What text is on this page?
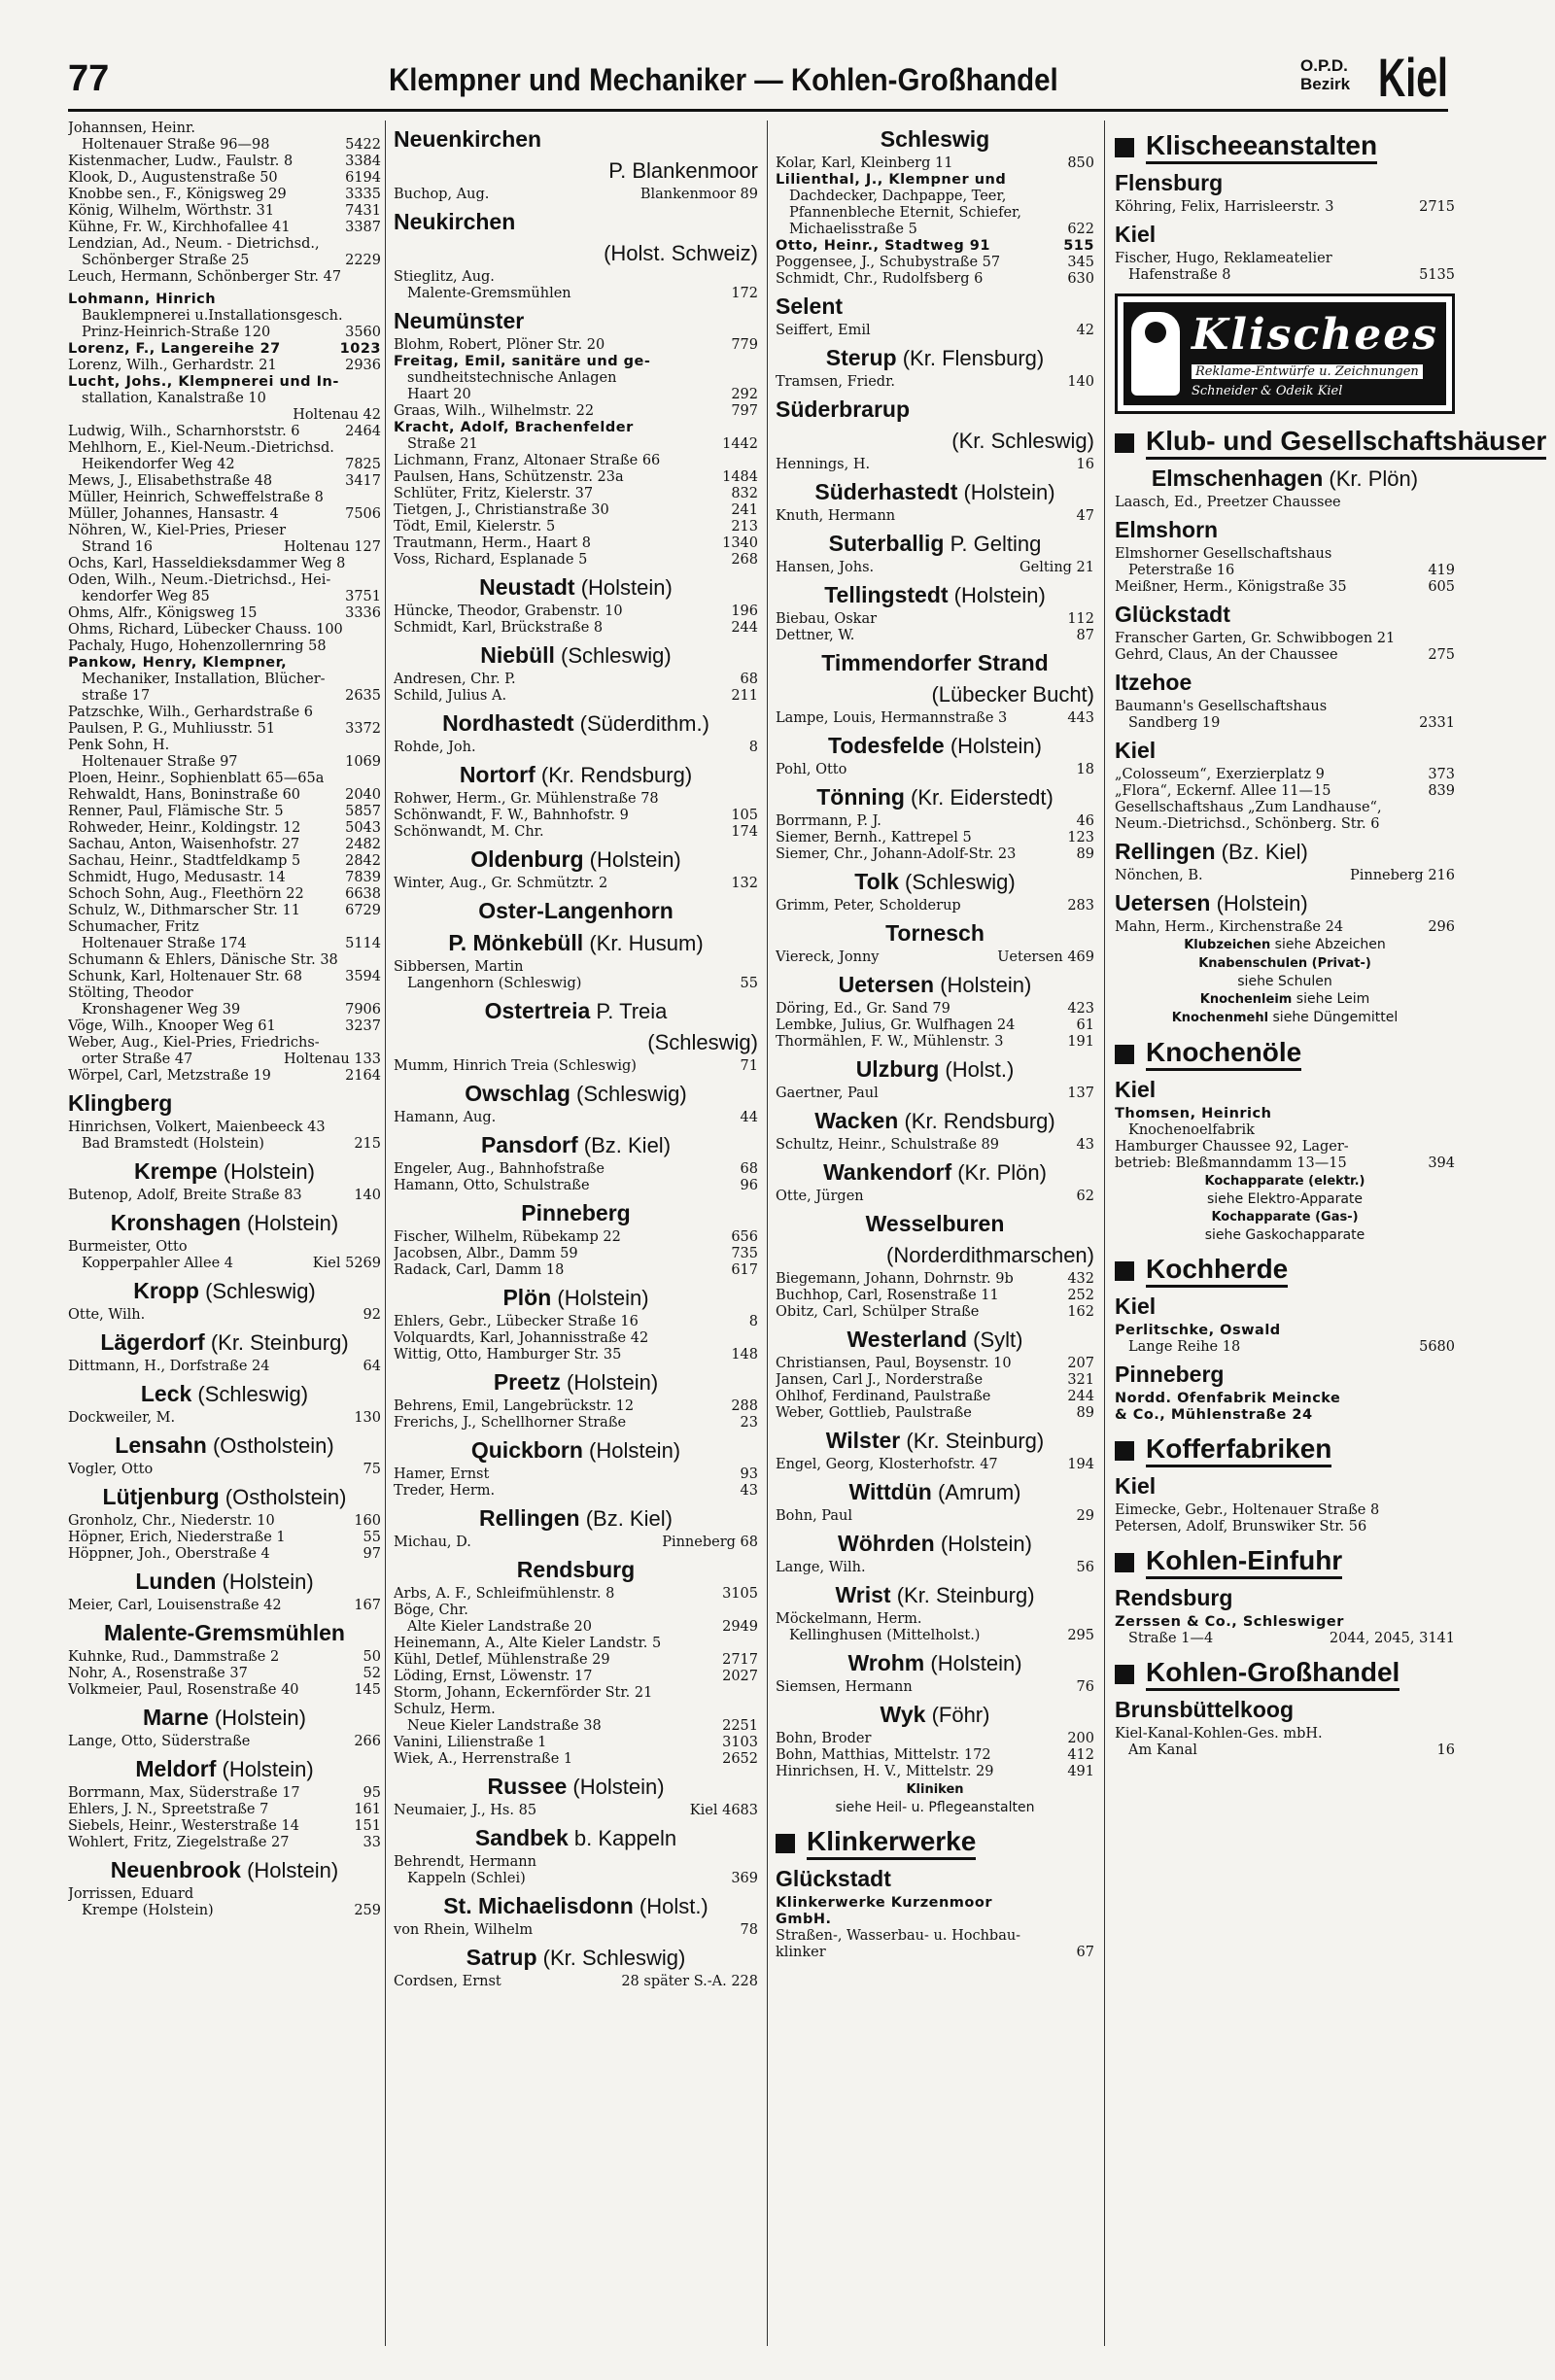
77	Klempner und Mechaniker — Kohlen-Großhandel	O.P.D.
Bezirk Kiel
Johannsen, Heinr.
Holtenauer Straße 96—98	5422
Kistenmacher, Ludw., Faulstr. 8	3384
Klook, D., Augustenstraße 50	6194
Knobbe sen., F., Königsweg 29	3335
König, Wilhelm, Wörthstr. 31	7431
Kühne, Fr. W., Kirchhofallee 41	3387
Lendzian, Ad., Neum. - Dietrichsd.,
Schönberger Straße 25	2229
Leuch, Hermann, Schönberger Str. 47
Lohmann, Hinrich
Bauklempnerei u.Installationsgesch.
Prinz-Heinrich-Straße 120	3560
Lorenz, F., Langereihe 27	1023
Lorenz, Wilh., Gerhardstr. 21	2936
Lucht, Johs., Klempnerei und In-
stallation, Kanalstraße 10
Holtenau 42
Ludwig, Wilh., Scharnhorststr. 6	2464
Mehlhorn, E., Kiel-Neum.-Dietrichsd.
Heikendorfer Weg 42	7825
Mews, J., Elisabethstraße 48	3417
Müller, Heinrich, Schweffelstraße 8
Müller, Johannes, Hansastr. 4	7506
Nöhren, W., Kiel-Pries, Prieser
Strand 16	Holtenau 127
Ochs, Karl, Hasseldieksdammer Weg 8
Oden, Wilh., Neum.-Dietrichsd., Hei-
kendorfer Weg 85	3751
Ohms, Alfr., Königsweg 15	3336
Ohms, Richard, Lübecker Chauss. 100
Pachaly, Hugo, Hohenzollernring 58
Pankow, Henry, Klempner,
Mechaniker, Installation, Blücher-
straße 17	2635
Patzschke, Wilh., Gerhardstraße 6
Paulsen, P. G., Muhliusstr. 51	3372
Penk Sohn, H.
Holtenauer Straße 97	1069
Ploen, Heinr., Sophienblatt 65—65a
Rehwaldt, Hans, Boninstraße 60	2040
Renner, Paul, Flämische Str. 5	5857
Rohweder, Heinr., Koldingstr. 12	5043
Sachau, Anton, Waisenhofstr. 27	2482
Sachau, Heinr., Stadtfeldkamp 5	2842
Schmidt, Hugo, Medusastr. 14	7839
Schoch Sohn, Aug., Fleethörn 22	6638
Schulz, W., Dithmarscher Str. 11	6729
Schumacher, Fritz
Holtenauer Straße 174	5114
Schumann & Ehlers, Dänische Str. 38
Schunk, Karl, Holtenauer Str. 68	3594
Stölting, Theodor
Kronshagener Weg 39	7906
Vöge, Wilh., Knooper Weg 61	3237
Weber, Aug., Kiel-Pries, Friedrichs-
orter Straße 47	Holtenau 133
Wörpel, Carl, Metzstraße 19	2164
Klingberg
Hinrichsen, Volkert, Maienbeeck 43
Bad Bramstedt (Holstein)	215
Krempe (Holstein)
Butenop, Adolf, Breite Straße 83	140
Kronshagen (Holstein)
Burmeister, Otto
Kopperpahler Allee 4	Kiel 5269
Kropp (Schleswig)
Otte, Wilh.	92
Lägerdorf (Kr. Steinburg)
Dittmann, H., Dorfstraße 24	64
Leck (Schleswig)
Dockweiler, M.	130
Lensahn (Ostholstein)
Vogler, Otto	75
Lütjenburg (Ostholstein)
Gronholz, Chr., Niederstr. 10	160
Höpner, Erich, Niederstraße 1	55
Höppner, Joh., Oberstraße 4	97
Lunden (Holstein)
Meier, Carl, Louisenstraße 42	167
Malente-Gremsmühlen
Kuhnke, Rud., Dammstraße 2	50
Nohr, A., Rosenstraße 37	52
Volkmeier, Paul, Rosenstraße 40	145
Marne (Holstein)
Lange, Otto, Süderstraße	266
Meldorf (Holstein)
Borrmann, Max, Süderstraße 17	95
Ehlers, J. N., Spreetstraße 7	161
Siebels, Heinr., Westerstraße 14	151
Wohlert, Fritz, Ziegelstraße 27	33
Neuenbrook (Holstein)
Jorrissen, Eduard
Krempe (Holstein)	259
Neuenkirchen
P. Blankenmoor
Buchop, Aug.	Blankenmoor 89
Neukirchen
(Holst. Schweiz)
Stieglitz, Aug.
Malente-Gremsmühlen	172
Neumünster
Blohm, Robert, Plöner Str. 20	779
Freitag, Emil, sanitäre und ge-
sundheitstechnische Anlagen
Haart 20	292
Graas, Wilh., Wilhelmstr. 22	797
Kracht, Adolf, Brachenfelder
Straße 21	1442
Lichmann, Franz, Altonaer Straße 66
Paulsen, Hans, Schützenstr. 23a	1484
Schlüter, Fritz, Kielerstr. 37	832
Tietgen, J., Christianstraße 30	241
Tödt, Emil, Kielerstr. 5	213
Trautmann, Herm., Haart 8	1340
Voss, Richard, Esplanade 5	268
Neustadt (Holstein)
Hüncke, Theodor, Grabenstr. 10	196
Schmidt, Karl, Brückstraße 8	244
Niebüll (Schleswig)
Andresen, Chr. P.	68
Schild, Julius A.	211
Nordhastedt (Süderdithm.)
Rohde, Joh.	8
Nortorf (Kr. Rendsburg)
Rohwer, Herm., Gr. Mühlenstraße 78
Schönwandt, F. W., Bahnhofstr. 9	105
Schönwandt, M. Chr.	174
Oldenburg (Holstein)
Winter, Aug., Gr. Schmütztr. 2	132
Oster-Langenhorn
P. Mönkebüll (Kr. Husum)
Sibbersen, Martin
Langenhorn (Schleswig)	55
Ostertreia P. Treia
(Schleswig)
Mumm, Hinrich Treia (Schleswig)	71
Owschlag (Schleswig)
Hamann, Aug.	44
Pansdorf (Bz. Kiel)
Engeler, Aug., Bahnhofstraße	68
Hamann, Otto, Schulstraße	96
Pinneberg
Fischer, Wilhelm, Rübekamp 22	656
Jacobsen, Albr., Damm 59	735
Radack, Carl, Damm 18	617
Plön (Holstein)
Ehlers, Gebr., Lübecker Straße 16	8
Volquardts, Karl, Johannisstraße 42
Wittig, Otto, Hamburger Str. 35	148
Preetz (Holstein)
Behrens, Emil, Langebrückstr. 12	288
Frerichs, J., Schellhorner Straße	23
Quickborn (Holstein)
Hamer, Ernst	93
Treder, Herm.	43
Rellingen (Bz. Kiel)
Michau, D.	Pinneberg 68
Rendsburg
Arbs, A. F., Schleifmühlenstr. 8	3105
Böge, Chr.
Alte Kieler Landstraße 20	2949
Heinemann, A., Alte Kieler Landstr. 5
Kühl, Detlef, Mühlenstraße 29	2717
Löding, Ernst, Löwenstr. 17	2027
Storm, Johann, Eckernförder Str. 21
Schulz, Herm.
Neue Kieler Landstraße 38	2251
Vanini, Lilienstraße 1	3103
Wiek, A., Herrenstraße 1	2652
Russee (Holstein)
Neumaier, J., Hs. 85	Kiel 4683
Sandbek b. Kappeln
Behrendt, Hermann
Kappeln (Schlei)	369
St. Michaelisdonn (Holst.)
von Rhein, Wilhelm	78
Satrup (Kr. Schleswig)
Cordsen, Ernst	28 später S.-A. 228
Schleswig
Kolar, Karl, Kleinberg 11	850
Lilienthal, J., Klempner und
Dachdecker, Dachpappe, Teer,
Pfannenbleche Eternit, Schiefer,
Michaelisstraße 5	622
Otto, Heinr., Stadtweg 91	515
Poggensee, J., Schubystraße 57	345
Schmidt, Chr., Rudolfsberg 6	630
Selent
Seiffert, Emil	42
Sterup (Kr. Flensburg)
Tramsen, Friedr.	140
Süderbrarup
(Kr. Schleswig)
Hennings, H.	16
Süderhastedt (Holstein)
Knuth, Hermann	47
Suterballig P. Gelting
Hansen, Johs.	Gelting 21
Tellingstedt (Holstein)
Biebau, Oskar	112
Dettner, W.	87
Timmendorfer Strand
(Lübecker Bucht)
Lampe, Louis, Hermannstraße 3	443
Todesfelde (Holstein)
Pohl, Otto	18
Tönning (Kr. Eiderstedt)
Borrmann, P. J.	46
Siemer, Bernh., Kattrepel 5	123
Siemer, Chr., Johann-Adolf-Str. 23	89
Tolk (Schleswig)
Grimm, Peter, Scholderup	283
Tornesch
Viereck, Jonny	Uetersen 469
Uetersen (Holstein)
Döring, Ed., Gr. Sand 79	423
Lembke, Julius, Gr. Wulfhagen 24	61
Thormählen, F. W., Mühlenstr. 3	191
Ulzburg (Holst.)
Gaertner, Paul	137
Wacken (Kr. Rendsburg)
Schultz, Heinr., Schulstraße 89	43
Wankendorf (Kr. Plön)
Otte, Jürgen	62
Wesselburen
(Norderdithmarschen)
Biegemann, Johann, Dohrnstr. 9b	432
Buchhop, Carl, Rosenstraße 11	252
Obitz, Carl, Schülper Straße	162
Westerland (Sylt)
Christiansen, Paul, Boysenstr. 10	207
Jansen, Carl J., Norderstraße	321
Ohlhof, Ferdinand, Paulstraße	244
Weber, Gottlieb, Paulstraße	89
Wilster (Kr. Steinburg)
Engel, Georg, Klosterhofstr. 47	194
Wittdün (Amrum)
Bohn, Paul	29
Wöhrden (Holstein)
Lange, Wilh.	56
Wrist (Kr. Steinburg)
Möckelmann, Herm.
Kellinghusen (Mittelholst.)	295
Wrohm (Holstein)
Siemsen, Hermann	76
Wyk (Föhr)
Bohn, Broder	200
Bohn, Matthias, Mittelstr. 172	412
Hinrichsen, H. V., Mittelstr. 29	491
Kliniken
siehe Heil- u. Pflegeanstalten
Klinkerwerke
Glückstadt
Klinkerwerke Kurzenmoor
GmbH.
Straßen-, Wasserbau- u. Hochbau-
klinker	67
Klischeeanstalten
Flensburg
Köhring, Felix, Harrisleerstr. 3	2715
Kiel
Fischer, Hugo, Reklameatelier
Hafenstraße 8	5135
Klischees
Reklame-Entwürfe u. Zeichnungen
Schneider & Odeik Kiel
Klub- und Gesellschaftshäuser
Elmschenhagen (Kr. Plön)
Laasch, Ed., Preetzer Chaussee
Elmshorn
Elmshorner Gesellschaftshaus
Peterstraße 16	419
Meißner, Herm., Königstraße 35	605
Glückstadt
Franscher Garten, Gr. Schwibbogen 21
Gehrd, Claus, An der Chaussee	275
Itzehoe
Baumann's Gesellschaftshaus
Sandberg 19	2331
Kiel
„Colosseum“, Exerzierplatz 9	373
„Flora“, Eckernf. Allee 11—15	839
Gesellschaftshaus „Zum Landhause“,
Neum.-Dietrichsd., Schönberg. Str. 6
Rellingen (Bz. Kiel)
Nönchen, B.	Pinneberg 216
Uetersen (Holstein)
Mahn, Herm., Kirchenstraße 24	296
Klubzeichen siehe Abzeichen
Knabenschulen (Privat-)
siehe Schulen
Knochenleim siehe Leim
Knochenmehl siehe Düngemittel
Knochenöle
Kiel
Thomsen, Heinrich
Knochenoelfabrik
Hamburger Chaussee 92, Lager-
betrieb: Bleßmanndamm 13—15	394
Kochapparate (elektr.)
siehe Elektro-Apparate
Kochapparate (Gas-)
siehe Gaskochapparate
Kochherde
Kiel
Perlitschke, Oswald
Lange Reihe 18	5680
Pinneberg
Nordd. Ofenfabrik Meincke
& Co., Mühlenstraße 24
Kofferfabriken
Kiel
Eimecke, Gebr., Holtenauer Straße 8
Petersen, Adolf, Brunswiker Str. 56
Kohlen-Einfuhr
Rendsburg
Zerssen & Co., Schleswiger
Straße 1—4	2044, 2045, 3141
Kohlen-Großhandel
Brunsbüttelkoog
Kiel-Kanal-Kohlen-Ges. mbH.
Am Kanal	16
